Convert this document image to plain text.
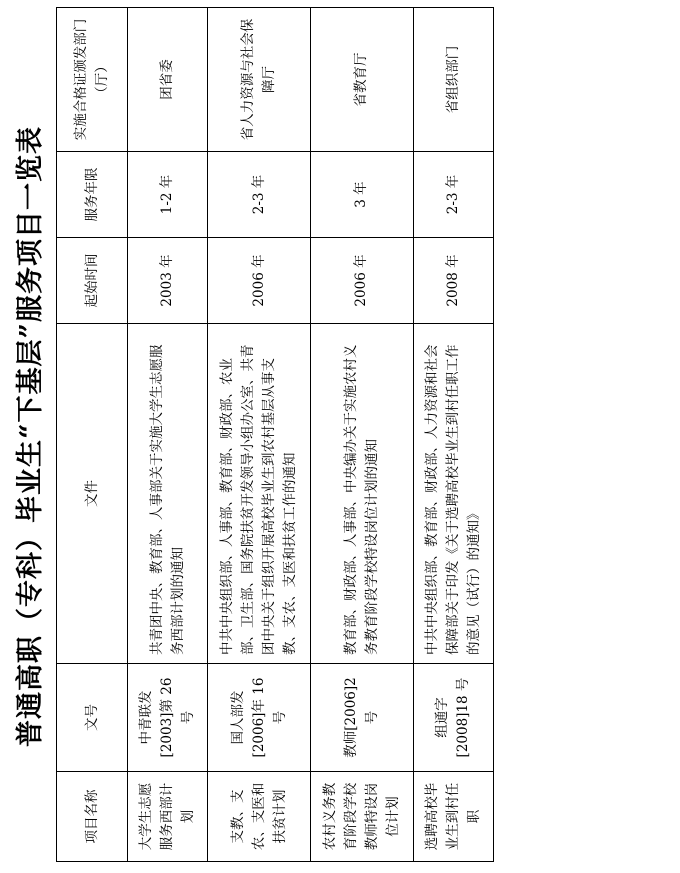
普通高职（专科）毕业生“下基层”服务项目一览表
项目名称	文号	文件	起始时间	服务年限	实施合格证颁发部门（厅）
大学生志愿服务西部计划	中青联发[2003]第 26 号	共青团中央、教育部、人事部关于实施大学生志愿服务西部计划的通知	2003 年	1-2 年	团省委
支教、支农、支医和扶贫计划	国人部发[2006]年 16 号	中共中央组织部、人事部、教育部、财政部、农业部、卫生部、国务院扶贫开发领导小组办公室、共青团中央关于组织开展高校毕业生到农村基层从事支教、支农、支医和扶贫工作的通知	2006 年	2-3 年	省人力资源与社会保障厅
农村义务教育阶段学校教师特设岗位计划	教师[2006]2 号	教育部、财政部、人事部、中央编办关于实施农村义务教育阶段学校特设岗位计划的通知	2006 年	3 年	省教育厅
选聘高校毕业生到村任职	组通字[2008]18 号	中共中央组织部、教育部、财政部、人力资源和社会保障部关于印发《关于选聘高校毕业生到村任职工作的意见（试行）的通知》	2008 年	2-3 年	省组织部门
